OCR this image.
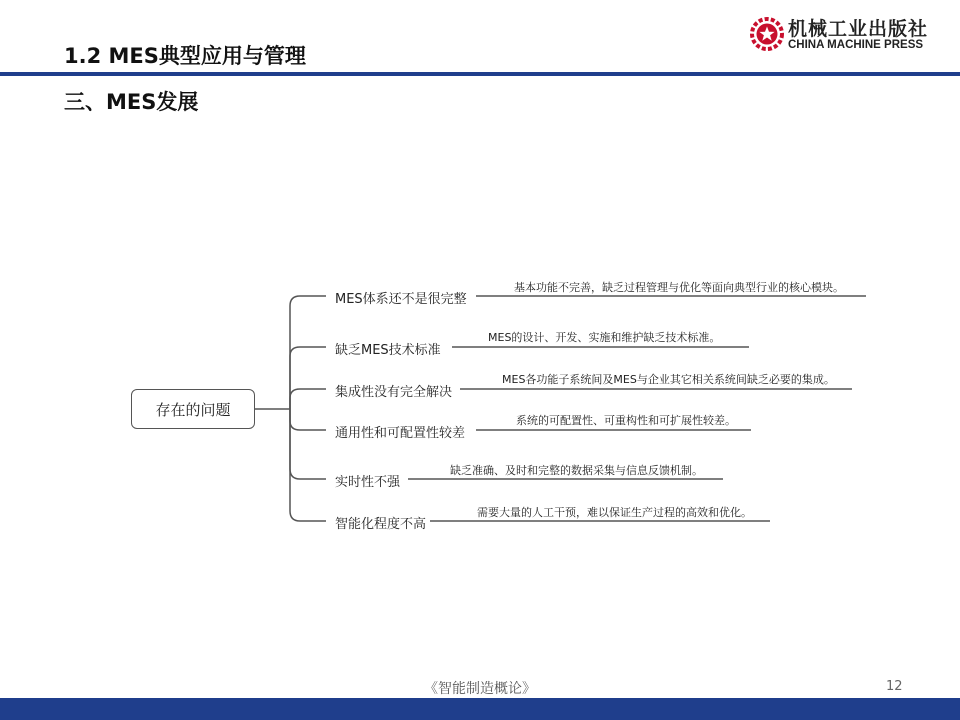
1.2 MES典型应用与管理
三、MES发展
机械工业出版社
CHINA MACHINE PRESS
存在的问题
MES体系还不是很完整
缺乏MES技术标准
集成性没有完全解决
通用性和可配置性较差
实时性不强
智能化程度不高
基本功能不完善，缺乏过程管理与优化等面向典型行业的核心模块。
MES的设计、开发、实施和维护缺乏技术标准。
MES各功能子系统间及MES与企业其它相关系统间缺乏必要的集成。
系统的可配置性、可重构性和可扩展性较差。
缺乏准确、及时和完整的数据采集与信息反馈机制。
需要大量的人工干预，难以保证生产过程的高效和优化。
《智能制造概论》	12
